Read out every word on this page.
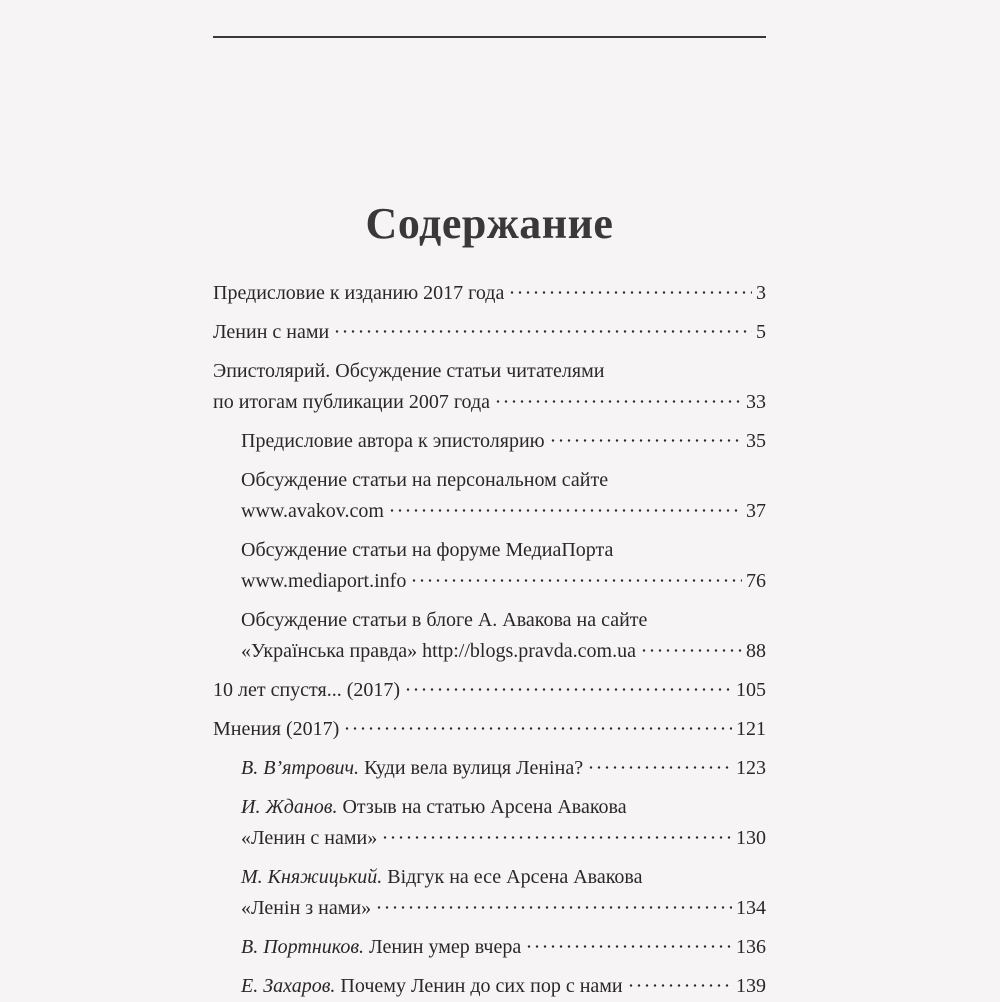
Содержание
Предисловие к изданию 2017 года	3
Ленин с нами	5
Эпистолярий. Обсуждение статьи читателями
по итогам публикации 2007 года	33
Предисловие автора к эпистолярию	35
Обсуждение статьи на персональном сайте
www.avakov.com	37
Обсуждение статьи на форуме МедиаПорта
www.mediaport.info	76
Обсуждение статьи в блоге А. Авакова на сайте
«Українська правда» http://blogs.pravda.com.ua	88
10 лет спустя... (2017)	105
Мнения (2017)	121
В. В’ятрович. Куди вела вулиця Леніна?	123
И. Жданов. Отзыв на статью Арсена Авакова
«Ленин с нами»	130
М. Княжицький. Відгук на есе Арсена Авакова
«Ленін з нами»	134
В. Портников. Ленин умер вчера	136
Е. Захаров. Почему Ленин до сих пор с нами	139
